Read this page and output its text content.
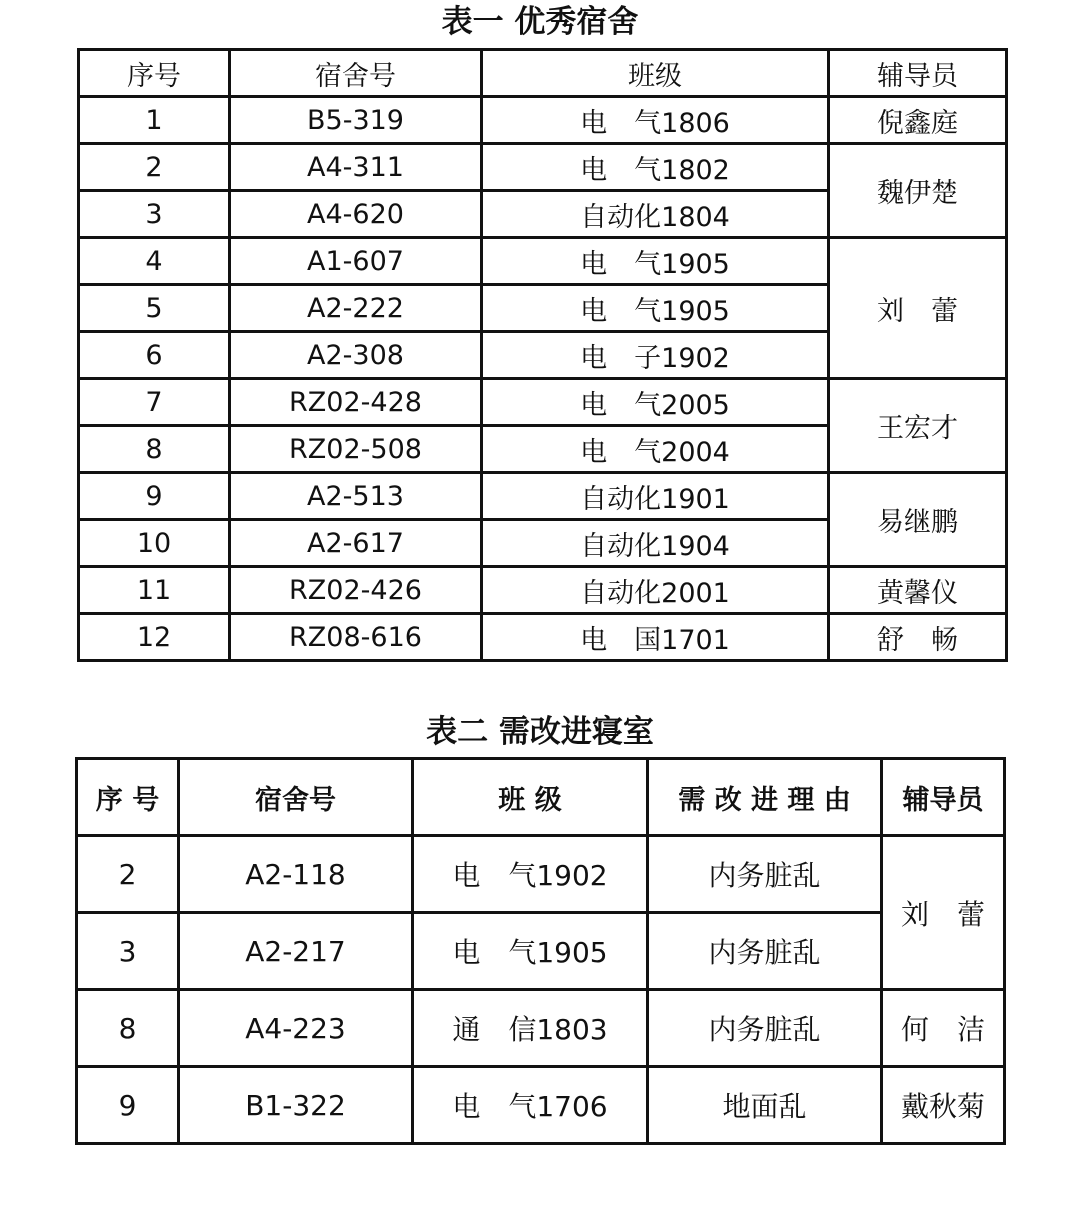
表一 优秀宿舍
序号	宿舍号	班级	辅导员
1	B5-319	电　气1806	倪鑫庭
2	A4-311	电　气1802	魏伊楚
3	A4-620	自动化1804	
4	A1-607	电　气1905	刘　蕾
5	A2-222	电　气1905	
6	A2-308	电　子1902	
7	RZ02-428	电　气2005	王宏才
8	RZ02-508	电　气2004	
9	A2-513	自动化1901	易继鹏
10	A2-617	自动化1904	
11	RZ02-426	自动化2001	黄馨仪
12	RZ08-616	电　国1701	舒　畅
表二 需改进寝室
序 号	宿舍号	班 级	需 改 进 理 由	辅导员
2	A2-118	电　气1902	内务脏乱	刘　蕾
3	A2-217	电　气1905	内务脏乱	
8	A4-223	通　信1803	内务脏乱	何　洁
9	B1-322	电　气1706	地面乱	戴秋菊
